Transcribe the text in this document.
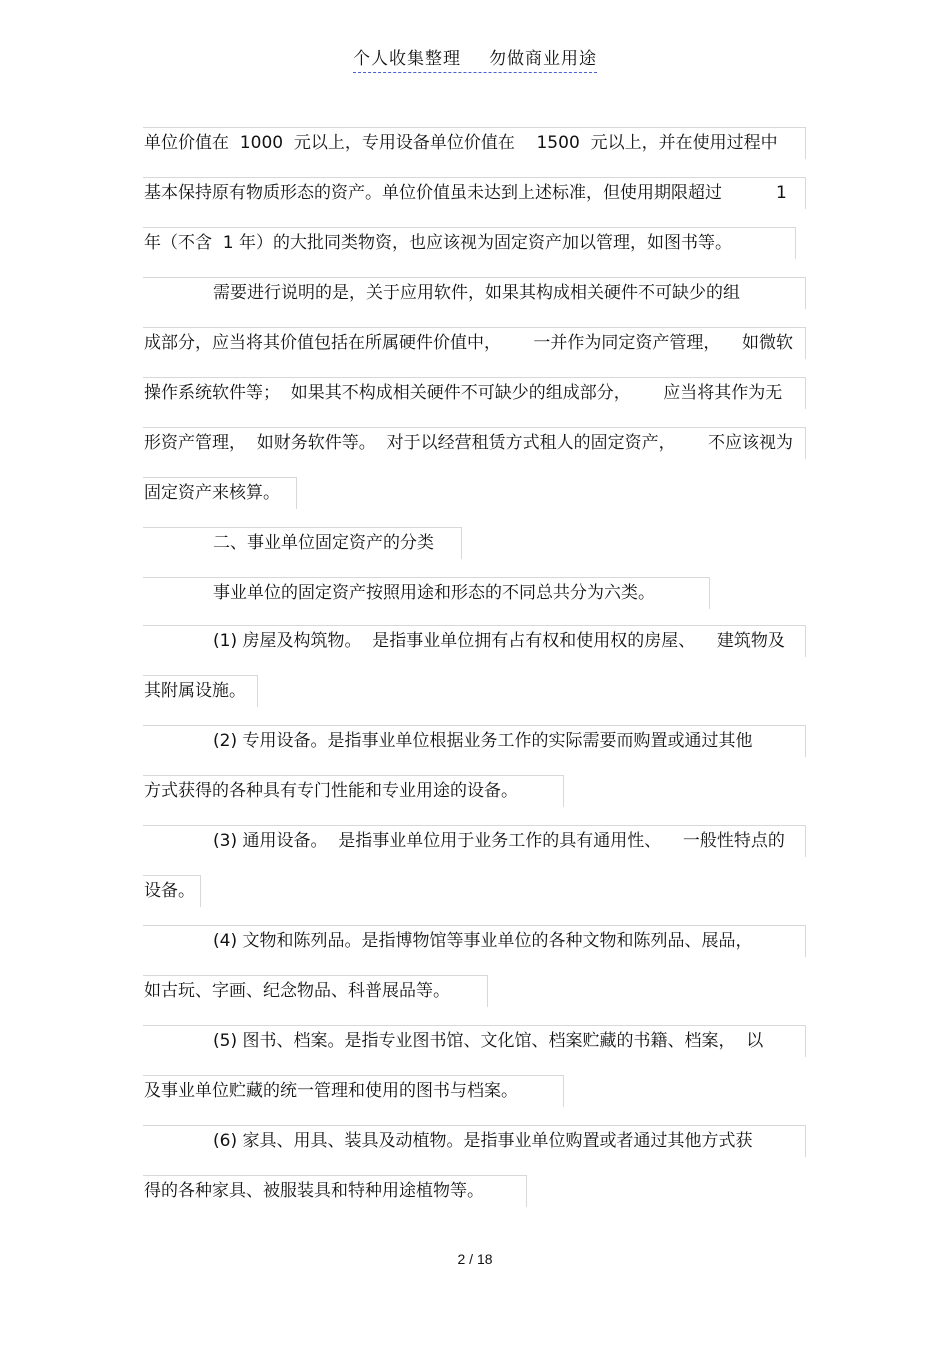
个人收集整理 勿做商业用途
单位价值在  1000  元以上，专用设备单位价值在    1500  元以上，并在使用过程中
基本保持原有物质形态的资产。单位价值虽未达到上述标准，但使用期限超过          1
年（不含  1 年）的大批同类物资，也应该视为固定资产加以管理，如图书等。
需要进行说明的是，关于应用软件，如果其构成相关硬件不可缺少的组
成部分，应当将其价值包括在所属硬件价值中，      一并作为同定资产管理，    如微软
操作系统软件等；  如果其不构成相关硬件不可缺少的组成部分，      应当将其作为无
形资产管理，  如财务软件等。  对于以经营租赁方式租人的固定资产，      不应该视为
固定资产来核算。
二、事业单位固定资产的分类
事业单位的固定资产按照用途和形态的不同总共分为六类。
(1) 房屋及构筑物。  是指事业单位拥有占有权和使用权的房屋、    建筑物及
其附属设施。
(2) 专用设备。是指事业单位根据业务工作的实际需要而购置或通过其他
方式获得的各种具有专门性能和专业用途的设备。
(3) 通用设备。  是指事业单位用于业务工作的具有通用性、    一般性特点的
设备。
(4) 文物和陈列品。是指博物馆等事业单位的各种文物和陈列品、展品，
如古玩、字画、纪念物品、科普展品等。
(5) 图书、档案。是指专业图书馆、文化馆、档案贮藏的书籍、档案，  以
及事业单位贮藏的统一管理和使用的图书与档案。
(6) 家具、用具、装具及动植物。是指事业单位购置或者通过其他方式获
得的各种家具、被服装具和特种用途植物等。
2 / 18
